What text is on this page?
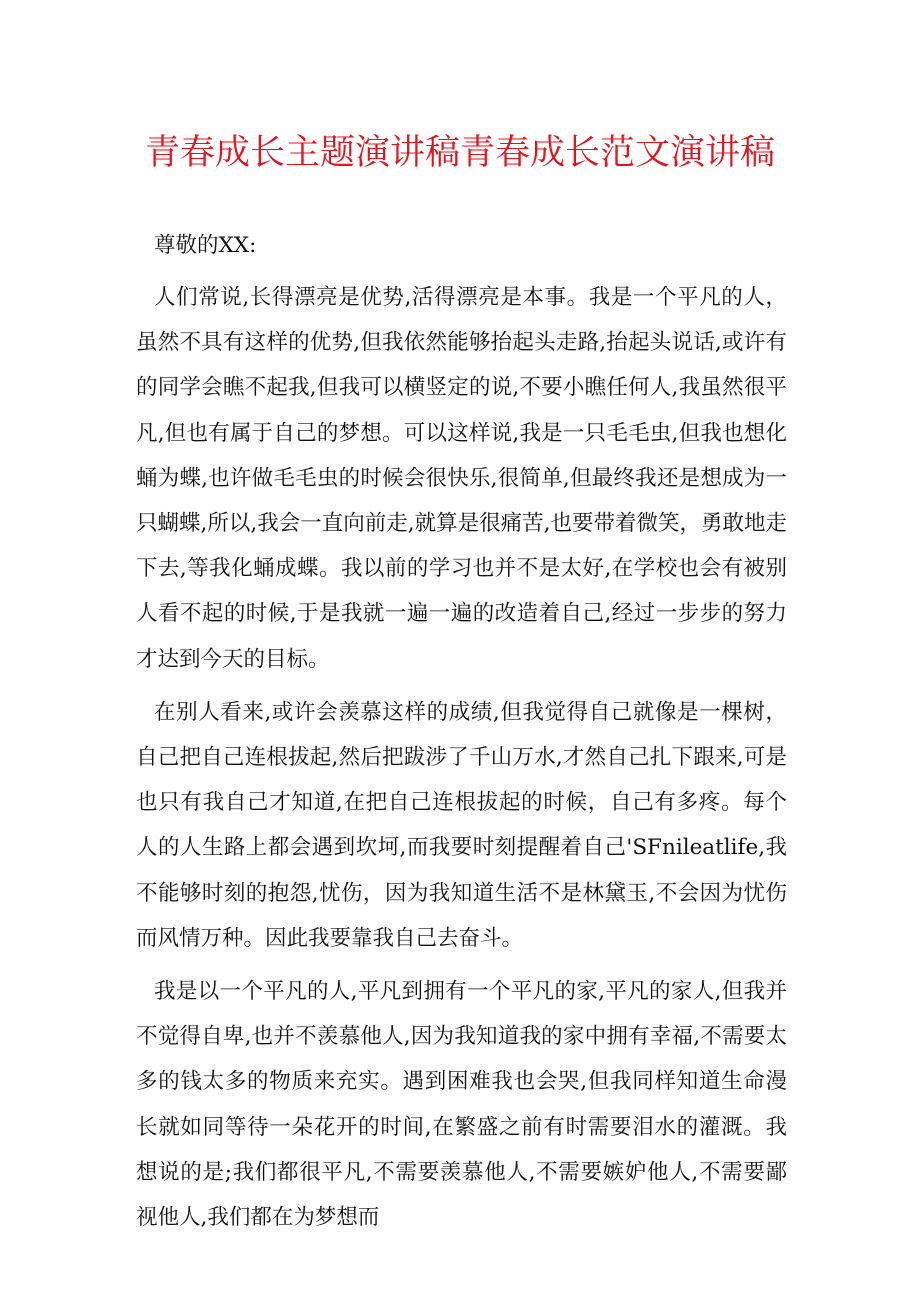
青春成长主题演讲稿青春成长范文演讲稿
尊敬的XX:

人们常说,长得漂亮是优势,活得漂亮是本事。我是一个平凡的人，虽然不具有这样的优势,但我依然能够抬起头走路,抬起头说话,或许有的同学会瞧不起我,但我可以横竖定的说,不要小瞧任何人,我虽然很平凡,但也有属于自己的梦想。可以这样说,我是一只毛毛虫,但我也想化蛹为蝶,也许做毛毛虫的时候会很快乐,很简单,但最终我还是想成为一只蝴蝶,所以,我会一直向前走,就算是很痛苦,也要带着微笑，勇敢地走下去,等我化蛹成蝶。我以前的学习也并不是太好,在学校也会有被别人看不起的时候,于是我就一遍一遍的改造着自己,经过一步步的努力才达到今天的目标。

在别人看来,或许会羡慕这样的成绩,但我觉得自己就像是一棵树，自己把自己连根拔起,然后把跋涉了千山万水,才然自己扎下跟来,可是也只有我自己才知道,在把自己连根拔起的时候，自己有多疼。每个人的人生路上都会遇到坎坷,而我要时刻提醒着自己'SFnileatlife,我不能够时刻的抱怨,忧伤，因为我知道生活不是林黛玉,不会因为忧伤而风情万种。因此我要靠我自己去奋斗。

我是以一个平凡的人,平凡到拥有一个平凡的家,平凡的家人,但我并不觉得自卑,也并不羡慕他人,因为我知道我的家中拥有幸福,不需要太多的钱太多的物质来充实。遇到困难我也会哭,但我同样知道生命漫长就如同等待一朵花开的时间,在繁盛之前有时需要泪水的灌溉。我想说的是;我们都很平凡,不需要羡慕他人,不需要嫉妒他人,不需要鄙视他人,我们都在为梦想而
